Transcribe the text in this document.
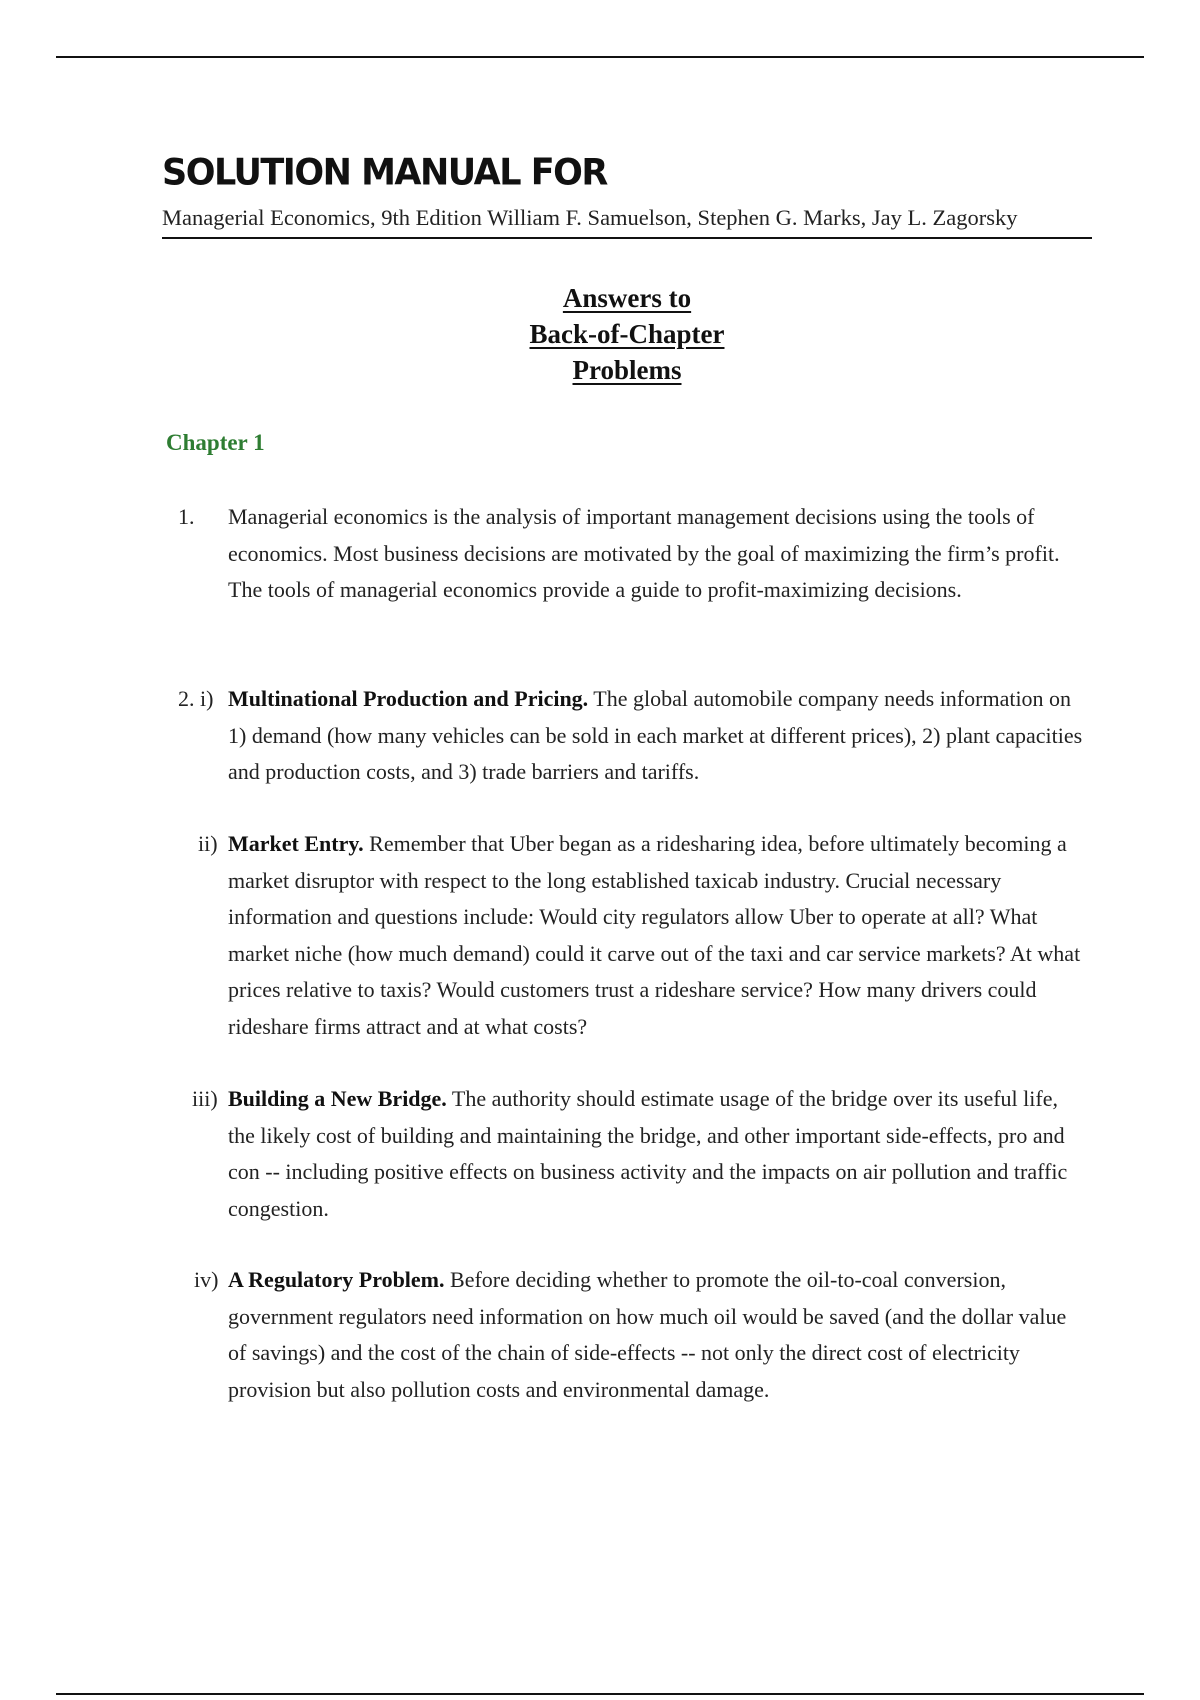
SOLUTION MANUAL FOR
Managerial Economics, 9th Edition William F. Samuelson, Stephen G. Marks, Jay L. Zagorsky
Answers to
Back-of-Chapter
Problems
Chapter 1
1. Managerial economics is the analysis of important management decisions using the tools of economics. Most business decisions are motivated by the goal of maximizing the firm’s profit. The tools of managerial economics provide a guide to profit-maximizing decisions.
2. i) Multinational Production and Pricing. The global automobile company needs information on 1) demand (how many vehicles can be sold in each market at different prices), 2) plant capacities and production costs, and 3) trade barriers and tariffs.
ii) Market Entry. Remember that Uber began as a ridesharing idea, before ultimately becoming a market disruptor with respect to the long established taxicab industry. Crucial necessary information and questions include: Would city regulators allow Uber to operate at all? What market niche (how much demand) could it carve out of the taxi and car service markets? At what prices relative to taxis? Would customers trust a rideshare service? How many drivers could rideshare firms attract and at what costs?
iii) Building a New Bridge. The authority should estimate usage of the bridge over its useful life, the likely cost of building and maintaining the bridge, and other important side-effects, pro and con -- including positive effects on business activity and the impacts on air pollution and traffic congestion.
iv) A Regulatory Problem. Before deciding whether to promote the oil-to-coal conversion, government regulators need information on how much oil would be saved (and the dollar value of savings) and the cost of the chain of side-effects -- not only the direct cost of electricity provision but also pollution costs and environmental damage.
